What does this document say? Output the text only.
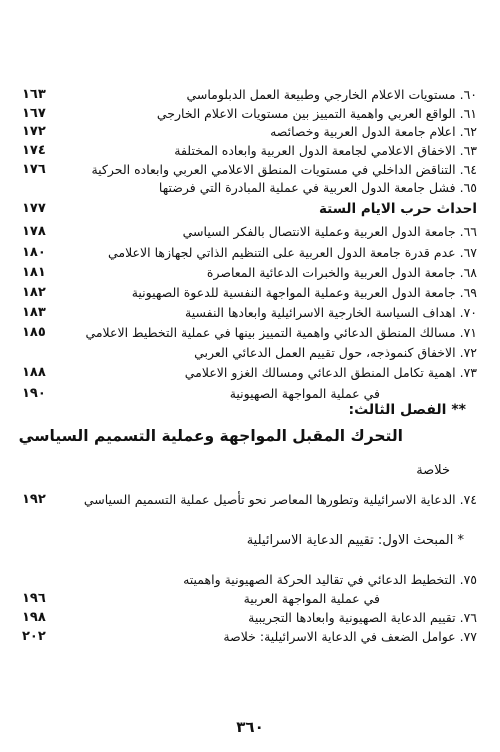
٦٠. مستويات الاعلام الخارجي وطبيعة العمل الدبلوماسي
١٦٣
٦١. الواقع العربي واهمية التمييز بين مستويات الاعلام الخارجي
١٦٧
٦٢. اعلام جامعة الدول العربية وخصائصه
١٧٢
٦٣. الاخفاق الاعلامي لجامعة الدول العربية وابعاده المختلفة
١٧٤
٦٤. التناقض الداخلي في مستويات المنطق الاعلامي العربي وابعاده الحركية
١٧٦
٦٥. فشل جامعة الدول العربية في عملية المبادرة التي فرضتها
احداث حرب الايام الستة
١٧٧
٦٦. جامعة الدول العربية وعملية الانتصال بالفكر السياسي
١٧٨
٦٧. عدم قدرة جامعة الدول العربية على التنظيم الذاتي لجهازها الاعلامي
١٨٠
٦٨. جامعة الدول العربية والخبرات الدعائية المعاصرة
١٨١
٦٩. جامعة الدول العربية وعملية المواجهة النفسية للدعوة الصهيونية
١٨٢
٧٠. اهداف السياسة الخارجية الاسرائيلية وابعادها النفسية
١٨٣
٧١. مسالك المنطق الدعائي واهمية التمييز بينها في عملية التخطيط الاعلامي
١٨٥
٧٢. الاخفاق كنموذجه، حول تقييم العمل الدعائي العربي
٧٣. اهمية تكامل المنطق الدعائي ومسالك الغزو الاعلامي
١٨٨
في عملية المواجهة الصهيونية
١٩٠
** الفصل الثالث:
التحرك المقبل المواجهة وعملية التسميم السياسي
خلاصة
٧٤. الدعاية الاسرائيلية وتطورها المعاصر نحو تأصيل عملية التسميم السياسي
١٩٢
* المبحث الاول: تقييم الدعاية الاسرائيلية
٧٥. التخطيط الدعائي في تقاليد الحركة الصهيونية واهميته
في عملية المواجهة العربية
١٩٦
٧٦. تقييم الدعاية الصهيونية وابعادها التجريبية
١٩٨
٧٧. عوامل الضعف في الدعاية الاسرائيلية: خلاصة
٢٠٢
٣٦٠
